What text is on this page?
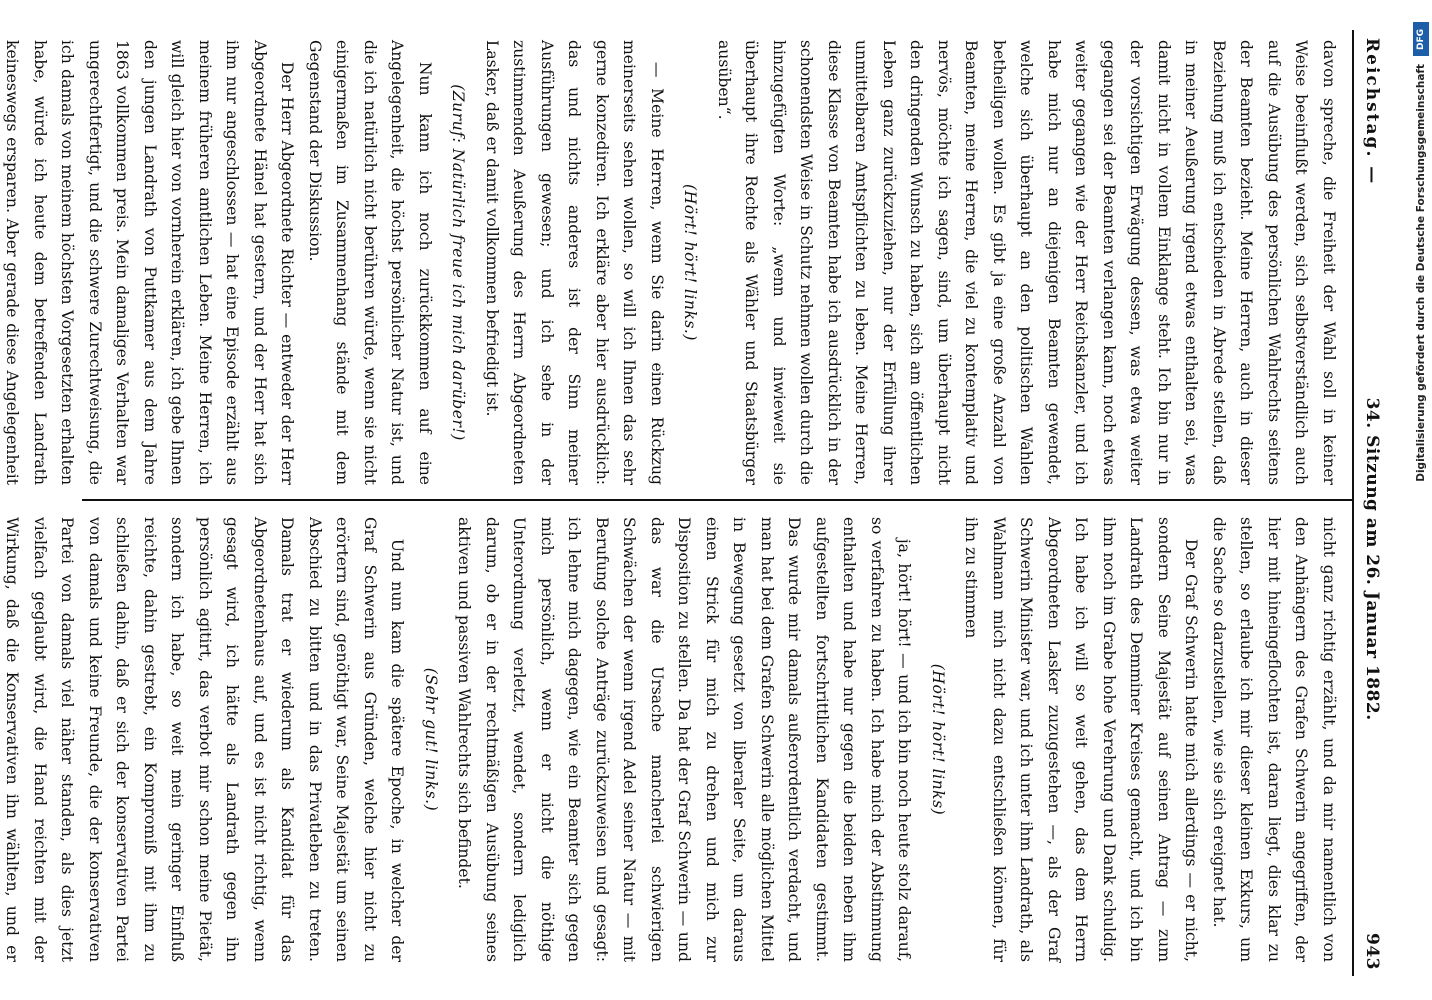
Reichstag. —
34. Sitzung am 26. Januar 1882.
943

davon spreche, die Freiheit der Wahl soll in keiner Weise beeinflußt werden, sich selbstverständlich auch auf die Ausübung des persönlichen Wahlrechts seitens der Beamten bezieht. Meine Herren, auch in dieser Beziehung muß ich entschieden in Abrede stellen, daß in meiner Aeußerung irgend etwas enthalten sei, was damit nicht in vollem Einklange steht. Ich bin nur in der vorsichtigen Erwägung dessen, was etwa weiter gegangen sei der Beamten verlangen kann, noch etwas weiter gegangen wie der Herr Reichskanzler, und ich habe mich nur an diejenigen Beamten gewendet, welche sich überhaupt an den politischen Wahlen betheiligen wollen. Es gibt ja eine große Anzahl von Beamten, meine Herren, die viel zu kontemplativ und nervös, möchte ich sagen, sind, um überhaupt nicht den dringenden Wunsch zu haben, sich am öffentlichen Leben ganz zurückzuziehen, nur der Erfüllung ihrer unmittelbaren Amtspflichten zu leben. Meine Herren, diese Klasse von Beamten habe ich ausdrücklich in der schonendsten Weise in Schutz nehmen wollen durch die hinzugefügten Worte: „wenn und inwieweit sie überhaupt ihre Rechte als Wähler und Staatsbürger ausüben“.

(Hört! hört! links.)

— Meine Herren, wenn Sie darin einen Rückzug meinerseits sehen wollen, so will ich Ihnen das sehr gerne konzediren. Ich erkläre aber hier ausdrücklich: das und nichts anderes ist der Sinn meiner Ausführungen gewesen; und ich sehe in der zustimmenden Aeußerung des Herrn Abgeordneten Lasker, daß er damit vollkommen befriedigt ist.

(Zuruf: Natürlich freue ich mich darüber!)

Nun kann ich noch zurückkommen auf eine Angelegenheit, die höchst persönlicher Natur ist, und die ich natürlich nicht berühren würde, wenn sie nicht einigermaßen im Zusammenhang stände mit dem Gegenstand der Diskussion.

Der Herr Abgeordnete Richter — entweder der Herr Abgeordnete Hänel hat gestern, und der Herr hat sich ihm nur angeschlossen — hat eine Episode erzählt aus meinem früheren amtlichen Leben. Meine Herren, ich will gleich hier von vornherein erklären, ich gebe Ihnen den jungen Landrath von Puttkamer aus dem Jahre 1863 vollkommen preis. Mein damaliges Verhalten war ungerechtfertigt, und die schwere Zurechtweisung, die ich damals von meinem höchsten Vorgesetzten erhalten habe, würde ich heute dem betreffenden Landrath keineswegs ersparen. Aber gerade diese Angelegenheit

nicht ganz richtig erzählt, und da mir namentlich von den Anhängern des Grafen Schwerin angegriffen, der hier mit hineingeflochten ist, daran liegt, dies klar zu stellen, so erlaube ich mir dieser kleinen Exkurs, um die Sache so darzustellen, wie sie sich ereignet hat.

Der Graf Schwerin hatte mich allerdings — er nicht, sondern Seine Majestät auf seinen Antrag — zum Landrath des Demminer Kreises gemacht, und ich bin ihm noch im Grabe hohe Verehrung und Dank schuldig. Ich habe ich will so weit gehen, das dem Herrn Abgeordneten Lasker zuzugestehen —, als der Graf Schwerin Minister war, und ich unter ihm Landrath, als Wahlmann mich nicht dazu entschließen können, für ihn zu stimmen

(Hört! hört! links)

ja, hört! hört! — und ich bin noch heute stolz darauf, so verfahren zu haben. Ich habe mich der Abstimmung enthalten und habe nur gegen die beiden neben ihm aufgestellten fortschrittlichen Kandidaten gestimmt. Das wurde mir damals außerordentlich verdacht, und man hat bei dem Grafen Schwerin alle möglichen Mittel in Bewegung gesetzt von liberaler Seite, um daraus einen Strick für mich zu drehen und mich zur Disposition zu stellen. Da hat der Graf Schwerin — und das war die Ursache mancherlei schwierigen Schwächen der wenn irgend Adel seiner Natur — mit Berufung solche Anträge zurückzuweisen und gesagt: ich lehne mich dagegen, wie ein Beamter sich gegen mich persönlich, wenn er nicht die nöthige Unterordnung verletzt, wendet, sondern lediglich darum, ob er in der rechtmäßigen Ausübung seines aktiven und passiven Wahlrechts sich befindet.

(Sehr gut! links.)

Und nun kam die spätere Epoche, in welcher der Graf Schwerin aus Gründen, welche hier nicht zu erörtern sind, genöthigt war, Seine Majestät um seinen Abschied zu bitten und in das Privatleben zu treten. Damals trat er wiederum als Kandidat für das Abgeordnetenhaus auf, und es ist nicht richtig, wenn gesagt wird, ich hätte als Landrath gegen ihn persönlich agitirt, das verbot mir schon meine Pietät, sondern ich habe, so weit mein geringer Einfluß reichte, dahin gestrebt, ein Kompromiß mit ihm zu schließen dahin, daß er sich der konservativen Partei von damals und keine Freunde, die der konservativen Partei von damals viel näher standen, als dies jetzt vielfach geglaubt wird, die Hand reichten mit der Wirkung, daß die Konservativen ihn wählten, und er

DFG
Digitalisierung gefördert durch die Deutsche Forschungsgemeinschaft
